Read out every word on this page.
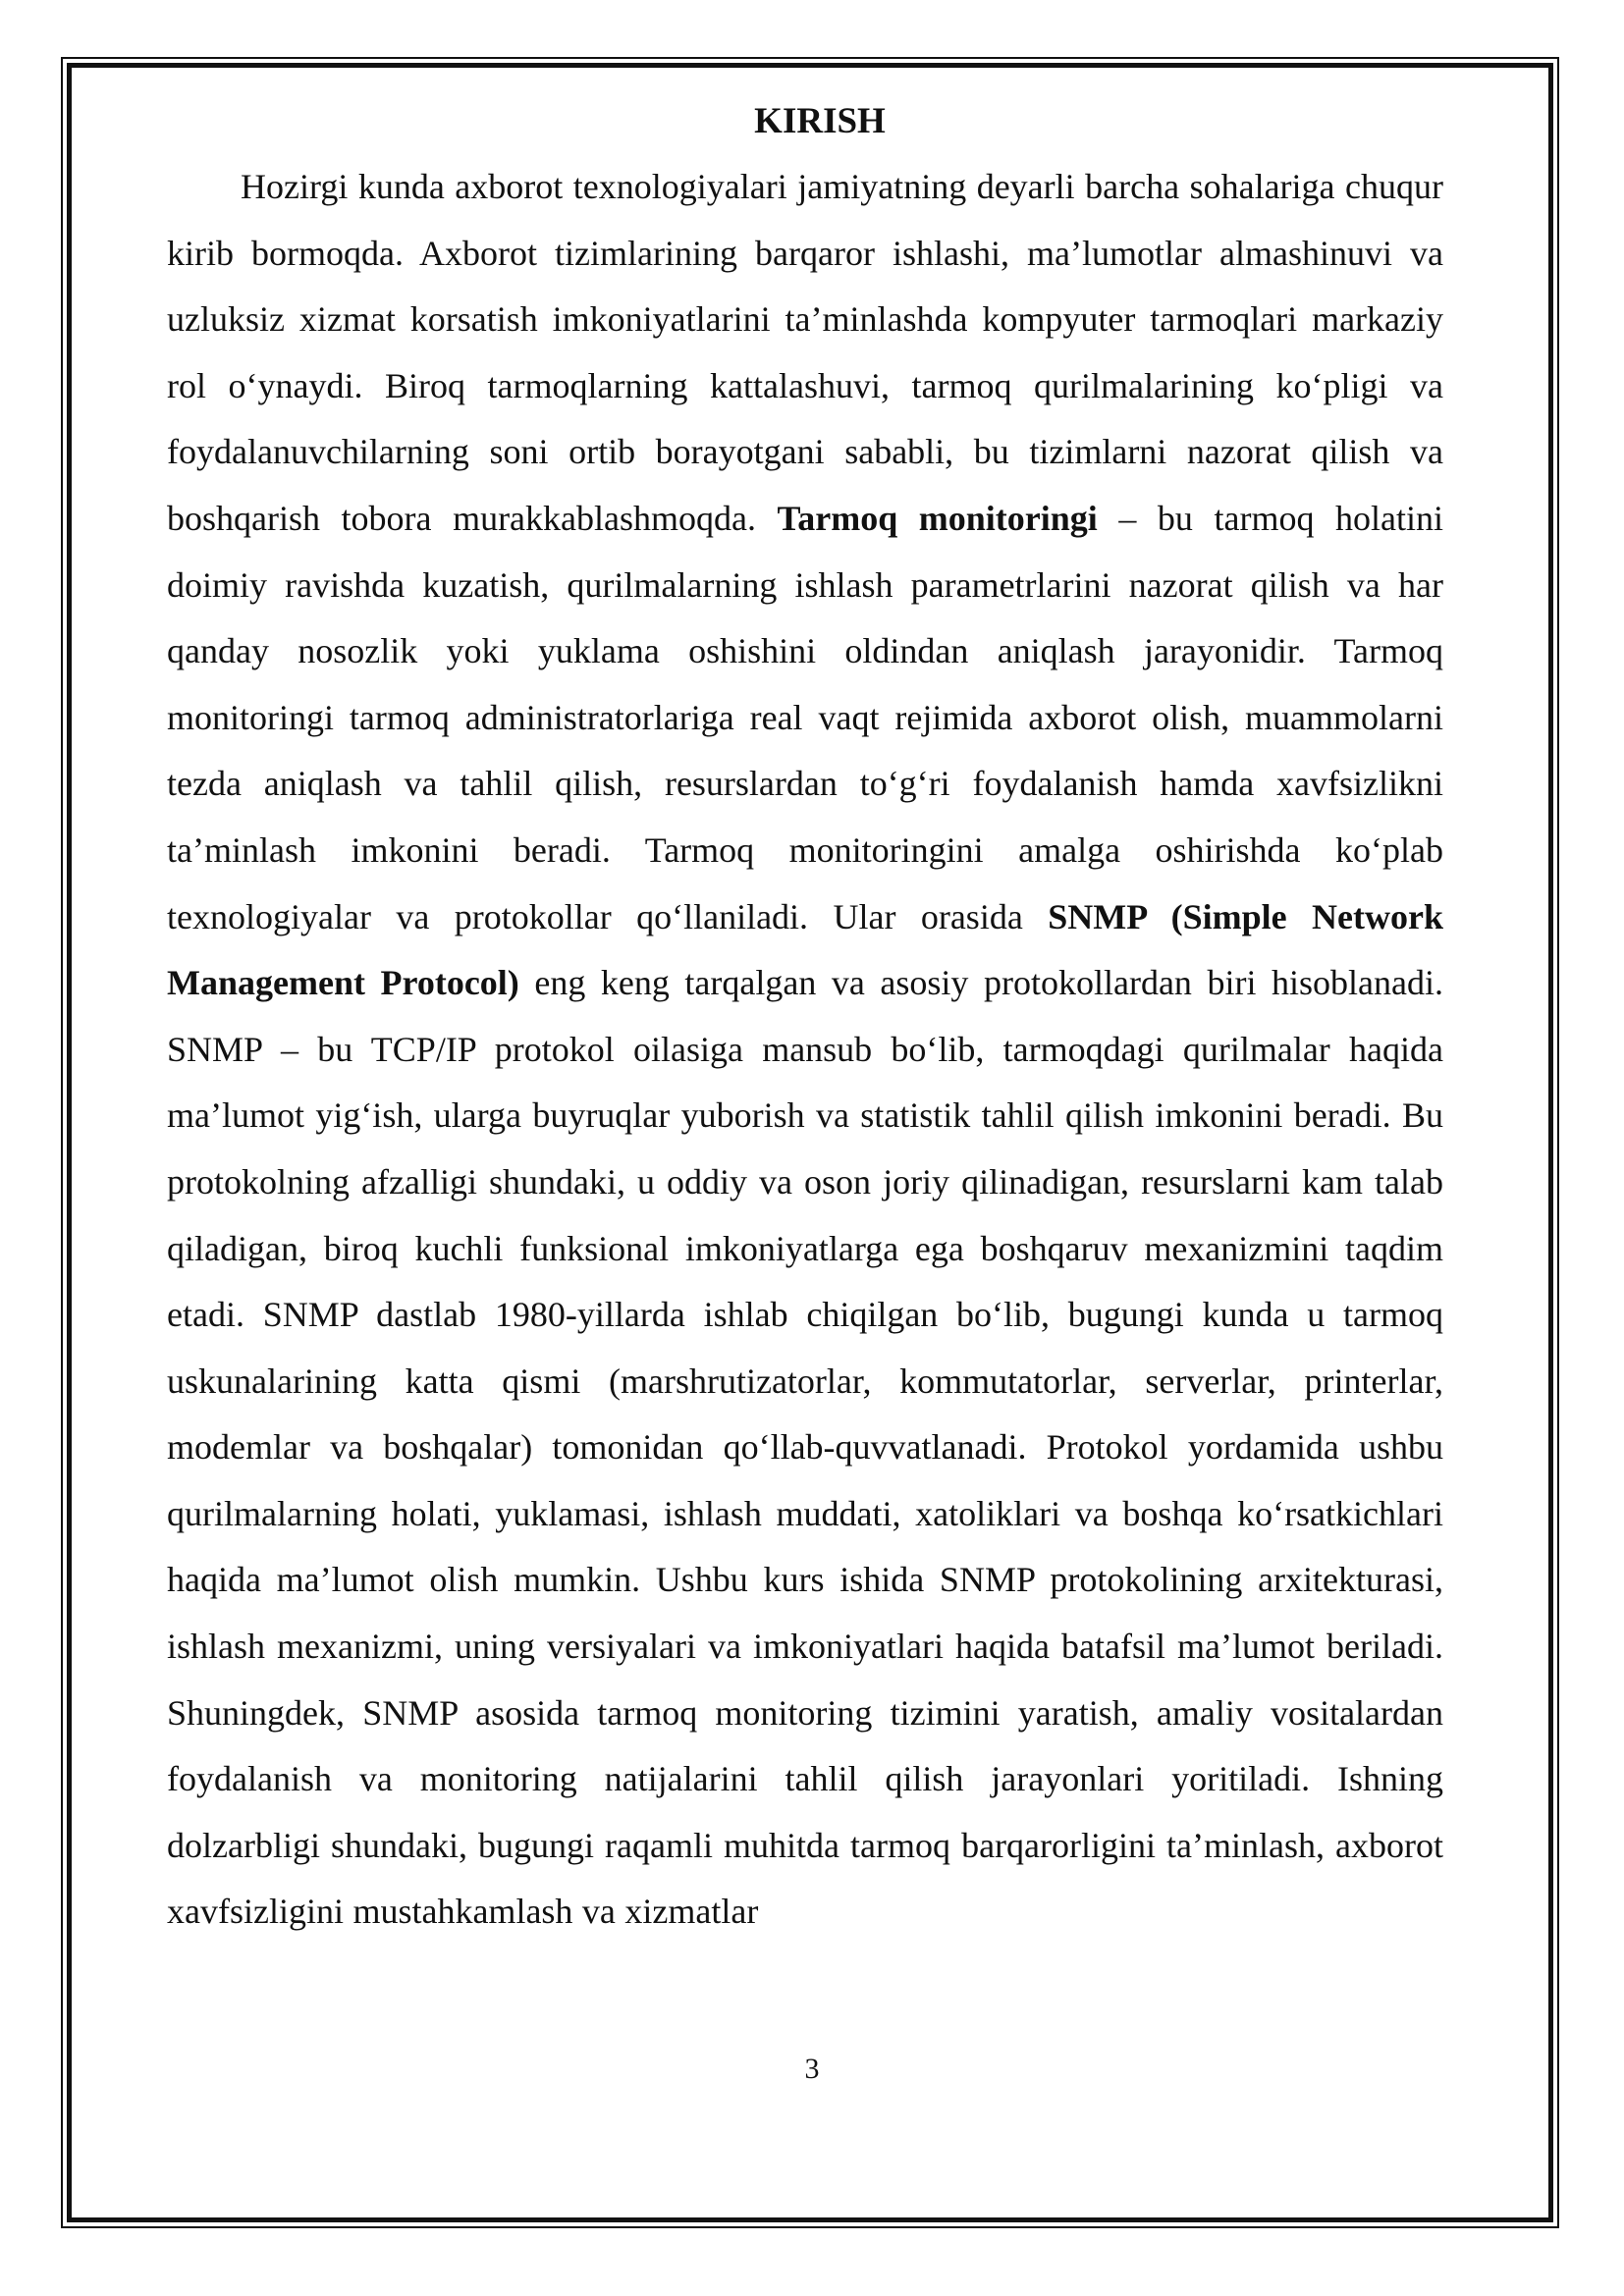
KIRISH

Hozirgi kunda axborot texnologiyalari jamiyatning deyarli barcha sohalariga chuqur kirib bormoqda. Axborot tizimlarining barqaror ishlashi, ma’lumotlar almashinuvi va uzluksiz xizmat korsatish imkoniyatlarini ta’minlashda kompyuter tarmoqlari markaziy rol o‘ynaydi. Biroq tarmoqlarning kattalashuvi, tarmoq qurilmalarining ko‘pligi va foydalanuvchilarning soni ortib borayotgani sababli, bu tizimlarni nazorat qilish va boshqarish tobora murakkablashmoqda. Tarmoq monitoringi – bu tarmoq holatini doimiy ravishda kuzatish, qurilmalarning ishlash parametrlarini nazorat qilish va har qanday nosozlik yoki yuklama oshishini oldindan aniqlash jarayonidir. Tarmoq monitoringi tarmoq administratorlariga real vaqt rejimida axborot olish, muammolarni tezda aniqlash va tahlil qilish, resurslardan to‘g‘ri foydalanish hamda xavfsizlikni ta’minlash imkonini beradi. Tarmoq monitoringini amalga oshirishda ko‘plab texnologiyalar va protokollar qo‘llaniladi. Ular orasida SNMP (Simple Network Management Protocol) eng keng tarqalgan va asosiy protokollardan biri hisoblanadi. SNMP – bu TCP/IP protokol oilasiga mansub bo‘lib, tarmoqdagi qurilmalar haqida ma’lumot yig‘ish, ularga buyruqlar yuborish va statistik tahlil qilish imkonini beradi. Bu protokolning afzalligi shundaki, u oddiy va oson joriy qilinadigan, resurslarni kam talab qiladigan, biroq kuchli funksional imkoniyatlarga ega boshqaruv mexanizmini taqdim etadi. SNMP dastlab 1980-yillarda ishlab chiqilgan bo‘lib, bugungi kunda u tarmoq uskunalarining katta qismi (marshrutizatorlar, kommutatorlar, serverlar, printerlar, modemlar va boshqalar) tomonidan qo‘llab-quvvatlanadi. Protokol yordamida ushbu qurilmalarning holati, yuklamasi, ishlash muddati, xatoliklari va boshqa ko‘rsatkichlari haqida ma’lumot olish mumkin. Ushbu kurs ishida SNMP protokolining arxitekturasi, ishlash mexanizmi, uning versiyalari va imkoniyatlari haqida batafsil ma’lumot beriladi. Shuningdek, SNMP asosida tarmoq monitoring tizimini yaratish, amaliy vositalardan foydalanish va monitoring natijalarini tahlil qilish jarayonlari yoritiladi. Ishning dolzarbligi shundaki, bugungi raqamli muhitda tarmoq barqarorligini ta’minlash, axborot xavfsizligini mustahkamlash va xizmatlar

3
